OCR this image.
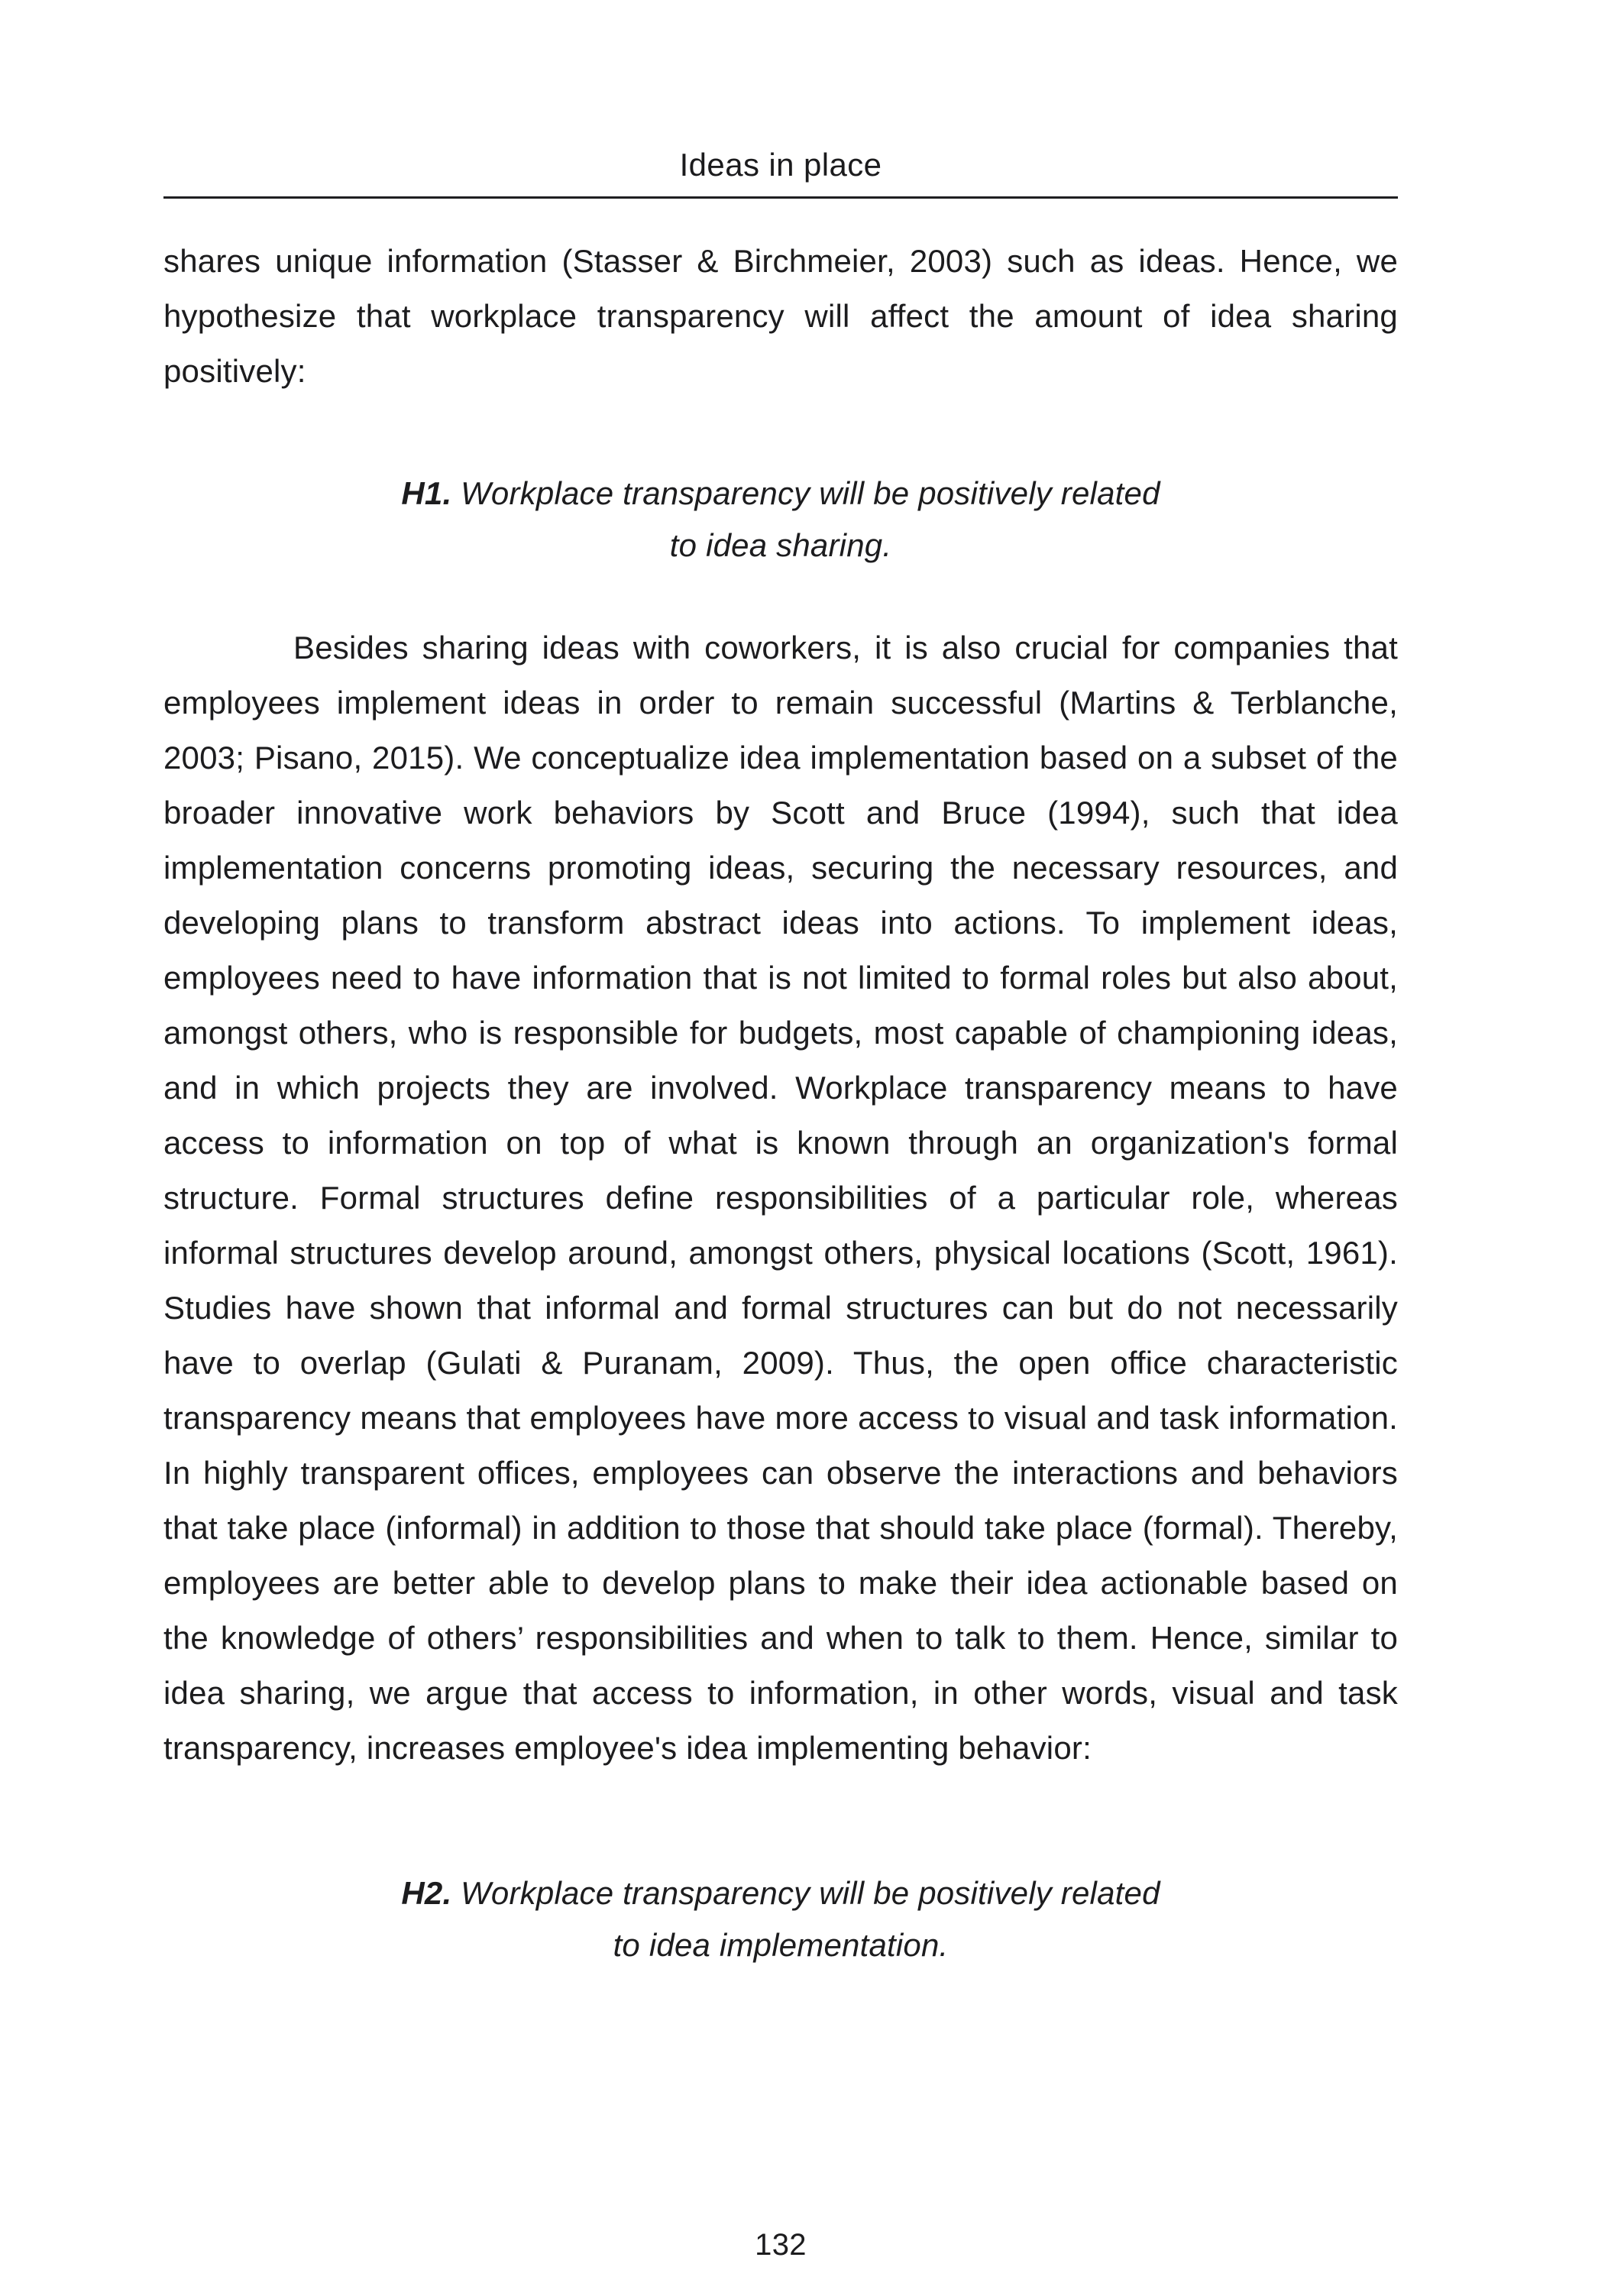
Ideas in place

shares unique information (Stasser & Birchmeier, 2003) such as ideas. Hence, we hypothesize that workplace transparency will affect the amount of idea sharing positively:

H1. Workplace transparency will be positively related to idea sharing.

Besides sharing ideas with coworkers, it is also crucial for companies that employees implement ideas in order to remain successful (Martins & Terblanche, 2003; Pisano, 2015). We conceptualize idea implementation based on a subset of the broader innovative work behaviors by Scott and Bruce (1994), such that idea implementation concerns promoting ideas, securing the necessary resources, and developing plans to transform abstract ideas into actions. To implement ideas, employees need to have information that is not limited to formal roles but also about, amongst others, who is responsible for budgets, most capable of championing ideas, and in which projects they are involved. Workplace transparency means to have access to information on top of what is known through an organization's formal structure. Formal structures define responsibilities of a particular role, whereas informal structures develop around, amongst others, physical locations (Scott, 1961). Studies have shown that informal and formal structures can but do not necessarily have to overlap (Gulati & Puranam, 2009). Thus, the open office characteristic transparency means that employees have more access to visual and task information. In highly transparent offices, employees can observe the interactions and behaviors that take place (informal) in addition to those that should take place (formal). Thereby, employees are better able to develop plans to make their idea actionable based on the knowledge of others’ responsibilities and when to talk to them. Hence, similar to idea sharing, we argue that access to information, in other words, visual and task transparency, increases employee's idea implementing behavior:

H2. Workplace transparency will be positively related to idea implementation.
132
